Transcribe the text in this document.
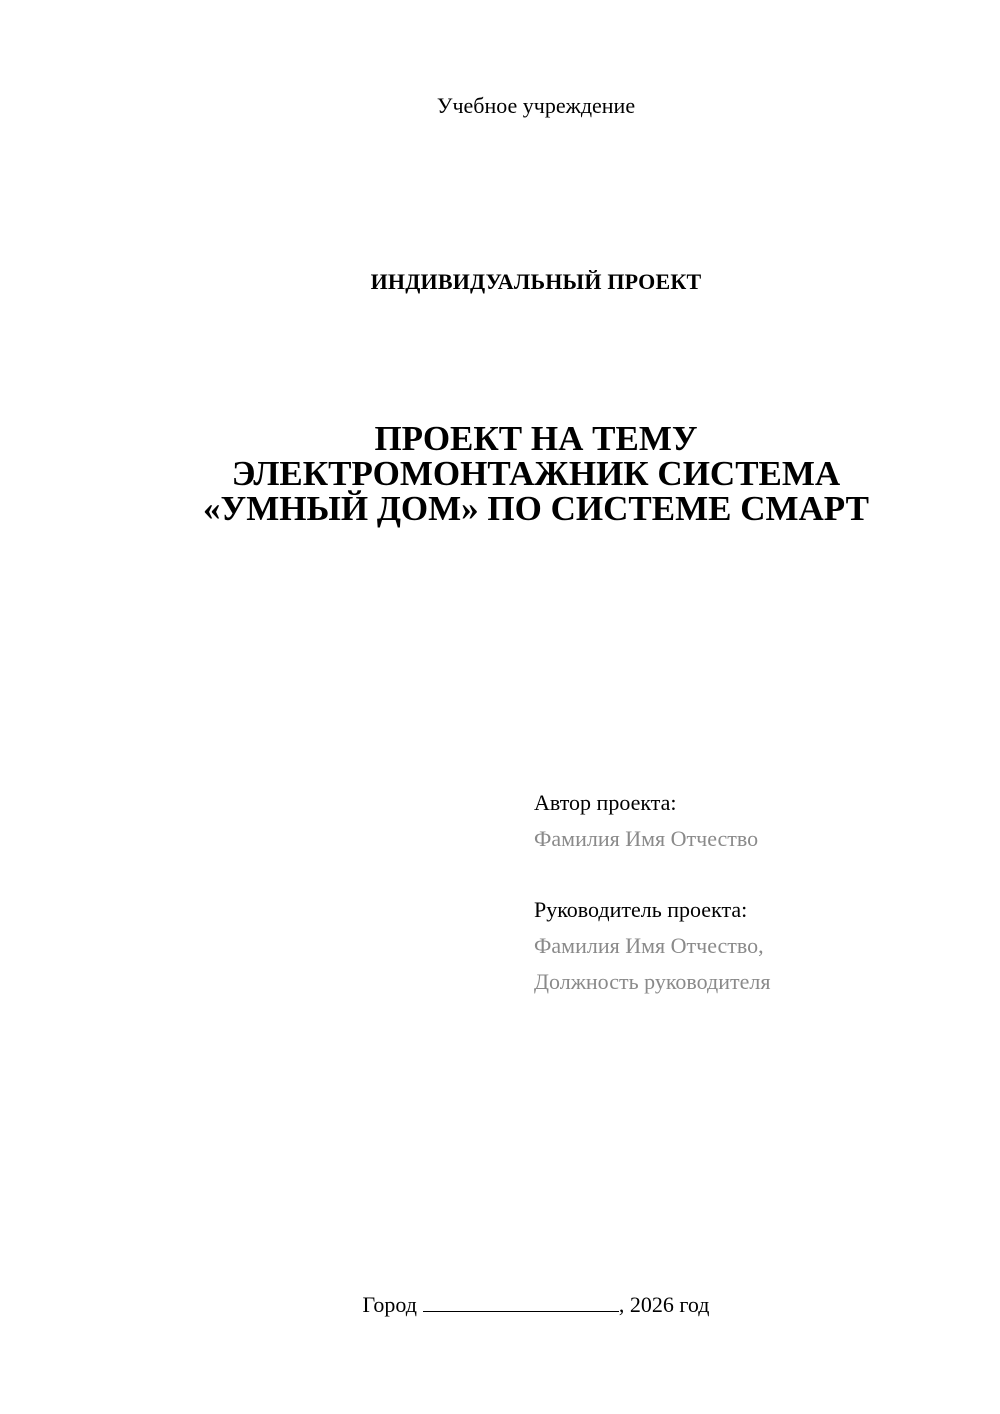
Учебное учреждение
ИНДИВИДУАЛЬНЫЙ ПРОЕКТ
ПРОЕКТ НА ТЕМУ
ЭЛЕКТРОМОНТАЖНИК СИСТЕМА
«УМНЫЙ ДОМ» ПО СИСТЕМЕ СМАРТ
Автор проекта:
Фамилия Имя Отчество
Руководитель проекта:
Фамилия Имя Отчество,
Должность руководителя
Город	, 2026 год
